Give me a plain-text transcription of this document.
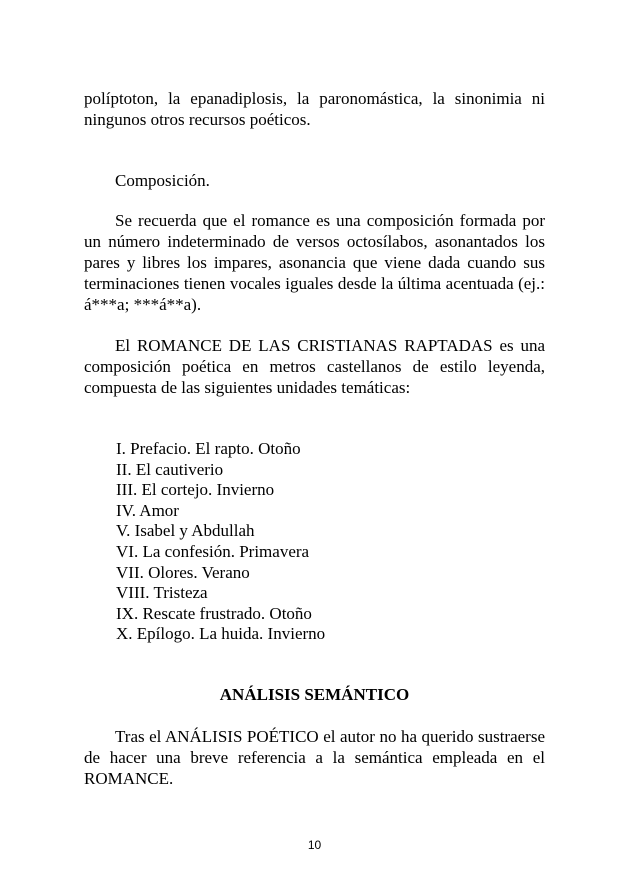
políptoton, la epanadiplosis, la paronomástica, la sinonimia ni ningunos otros recursos poéticos.

Composición.

Se recuerda que el romance es una composición formada por un número indeterminado de versos octosílabos, asonantados los pares y libres los impares, asonancia que viene dada cuando sus terminaciones tienen vocales iguales desde la última acentuada (ej.: á***a; ***á**a).

El ROMANCE DE LAS CRISTIANAS RAPTADAS es una composición poética en metros castellanos de estilo leyenda, compuesta de las siguientes unidades temáticas:

I. Prefacio. El rapto. Otoño
II. El cautiverio
III. El cortejo. Invierno
IV. Amor
V. Isabel y Abdullah
VI. La confesión. Primavera
VII. Olores. Verano
VIII. Tristeza
IX. Rescate frustrado. Otoño
X. Epílogo. La huida. Invierno

ANÁLISIS SEMÁNTICO

Tras el ANÁLISIS POÉTICO el autor no ha querido sustraerse de hacer una breve referencia a la semántica empleada en el ROMANCE.

10
